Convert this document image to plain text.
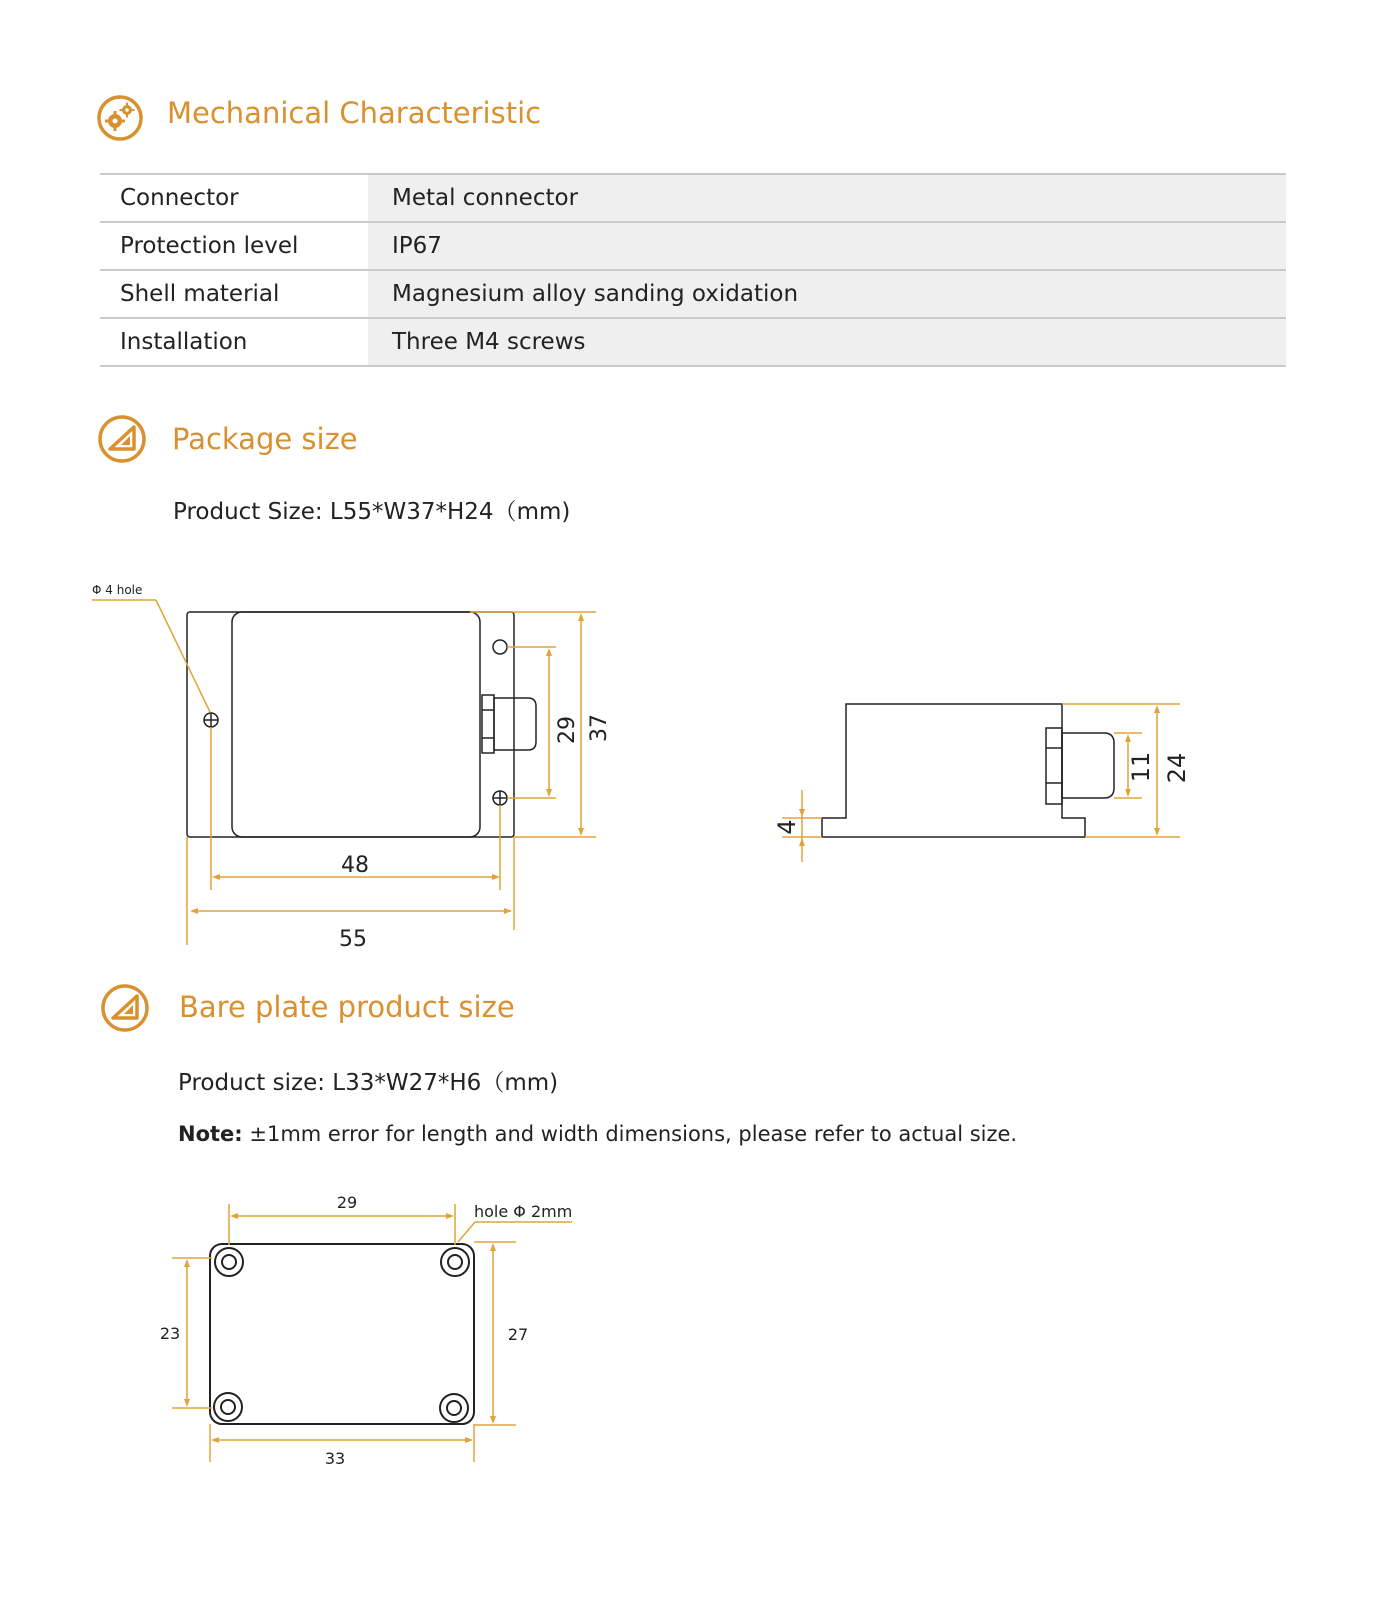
Mechanical Characteristic
Connector	Metal connector
Protection level	IP67
Shell material	Magnesium alloy sanding oxidation
Installation	Three M4 screws
Package size
Product Size: L55*W37*H24（mm)
Φ 4 hole
48
55
29 37
4
11 24
Bare plate product size
Product size: L33*W27*H6（mm)
Note: ±1mm error for length and width dimensions, please refer to actual size.
29	hole Φ 2mm
23	27
33
